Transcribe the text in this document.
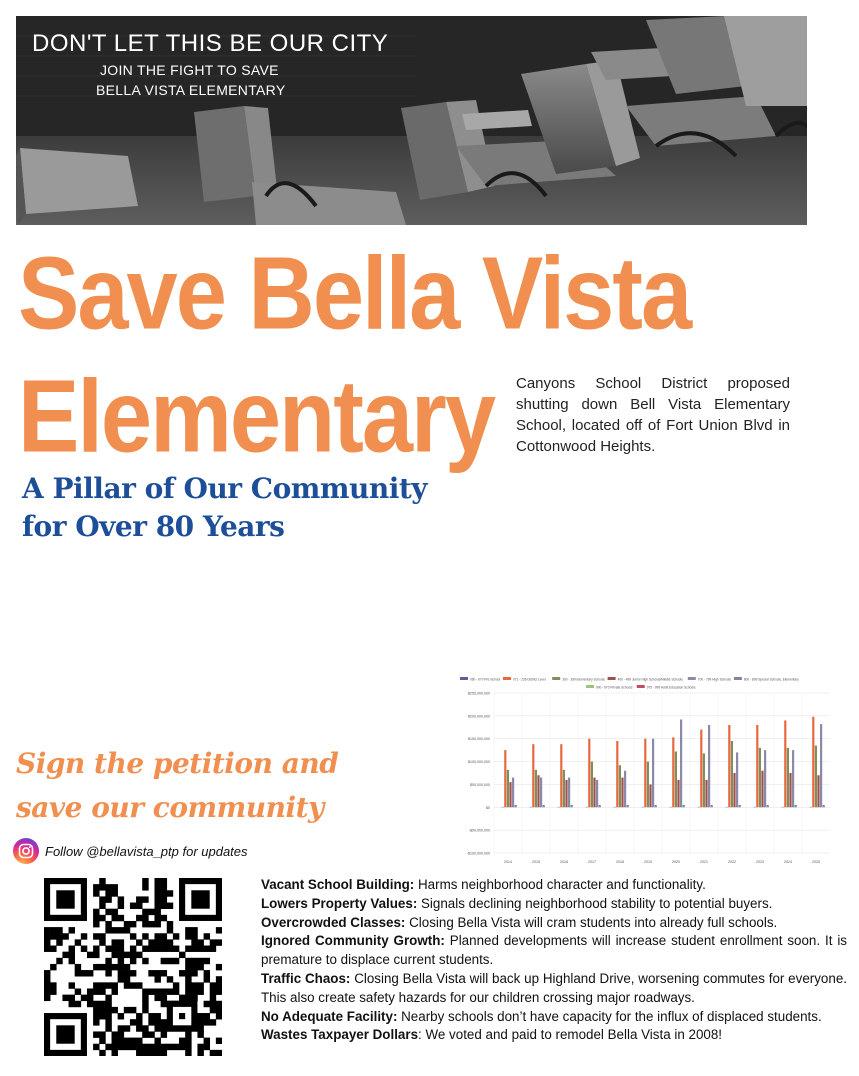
DON'T LET THIS BE OUR CITY
JOIN THE FIGHT TO SAVE
BELLA VISTA ELEMENTARY
Save Bella Vista
Elementary	Canyons School District proposed shutting down Bell Vista Elementary School, located off of Fort Union Blvd in Cottonwood Heights.
A Pillar of Our Community
for Over 80 Years
Sign the petition and
save our community
Follow @bellavista_ptp for updates
060 - 070 Pre-School	071 - 236 District Level	300 - 399 Elementary Schools	400 - 499 Junior High Schools/Middle Schools	700 - 799 High Schools	800 - 899 Special Schools, Elementary
900 - 970 Private Schools	975 - 999 Adult Education Schools
$250,000,000
$200,000,000
$150,000,000
$100,000,000
$50,000,000
$0
-$50,000,000
-$100,000,000
2014	2015	2016	2017	2018	2019	2020	2021	2022	2023	2024	2025

Vacant School Building: Harms neighborhood character and functionality.

Lowers Property Values: Signals declining neighborhood stability to potential buyers.

Overcrowded Classes: Closing Bella Vista will cram students into already full schools.

Ignored Community Growth: Planned developments will increase student enrollment soon. It is premature to displace current students.

Traffic Chaos: Closing Bella Vista will back up Highland Drive, worsening commutes for everyone. This also create safety hazards for our children crossing major roadways.

No Adequate Facility: Nearby schools don’t have capacity for the influx of displaced students.

Wastes Taxpayer Dollars: We voted and paid to remodel Bella Vista in 2008!
